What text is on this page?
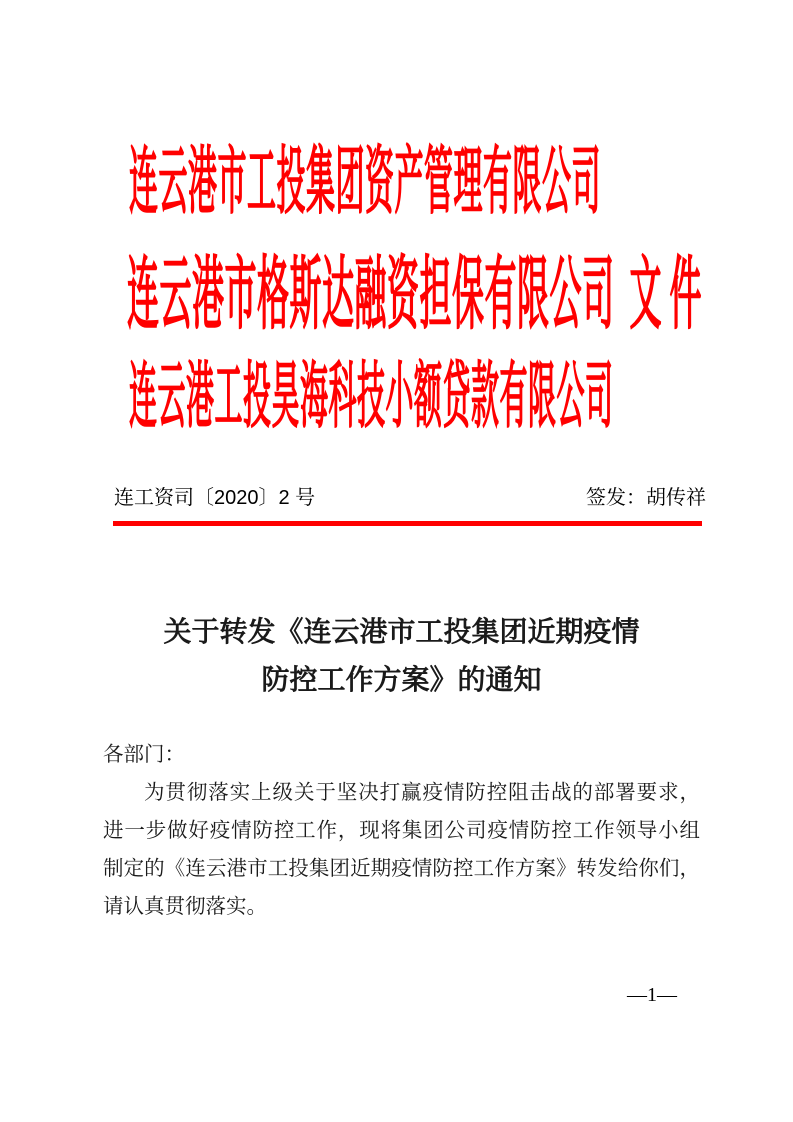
连云港市工投集团资产管理有限公司
连云港市格斯达融资担保有限公司 文件
连云港工投昊海科技小额贷款有限公司
连工资司〔2020〕2 号	签发：胡传祥
关于转发《连云港市工投集团近期疫情
防控工作方案》的通知
各部门：
为贯彻落实上级关于坚决打赢疫情防控阻击战的部署要求，
进一步做好疫情防控工作，现将集团公司疫情防控工作领导小组
制定的《连云港市工投集团近期疫情防控工作方案》转发给你们，
请认真贯彻落实。
—1—
